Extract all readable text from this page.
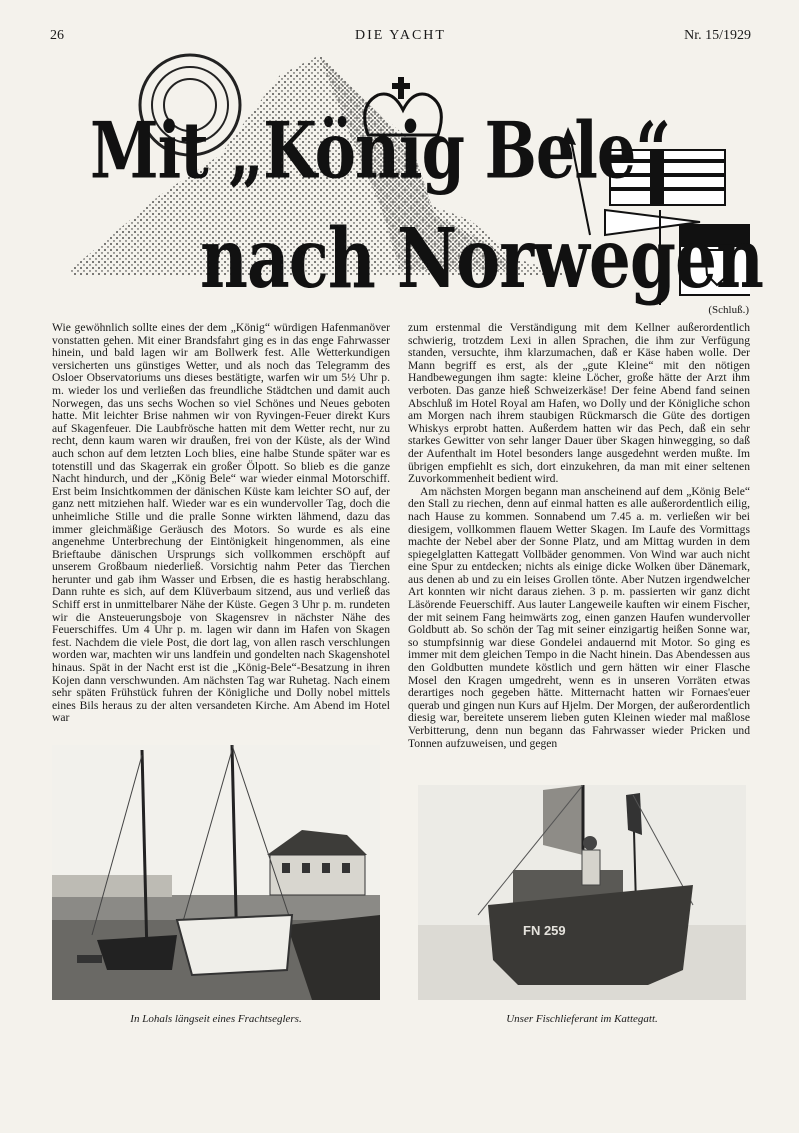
26	DIE YACHT	Nr. 15/1929
Mit „König Bele“
nach Norwegen
(Schluß.)

Wie gewöhnlich sollte eines der dem „König“ würdigen Hafenmanöver vonstatten gehen. Mit einer Brandsfahrt ging es in das enge Fahrwasser hinein, und bald lagen wir am Bollwerk fest. Alle Wetterkundigen versicherten uns günstiges Wetter, und als noch das Telegramm des Osloer Observatoriums uns dieses bestätigte, warfen wir um 5½ Uhr p. m. wieder los und verließen das freundliche Städtchen und damit auch Norwegen, das uns sechs Wochen so viel Schönes und Neues geboten hatte. Mit leichter Brise nahmen wir von Ryvingen-Feuer direkt Kurs auf Skagenfeuer. Die Laubfrösche hatten mit dem Wetter recht, nur zu recht, denn kaum waren wir draußen, frei von der Küste, als der Wind auch schon auf dem letzten Loch blies, eine halbe Stunde später war es totenstill und das Skagerrak ein großer Ölpott. So blieb es die ganze Nacht hindurch, und der „König Bele“ war wieder einmal Motorschiff. Erst beim Insichtkommen der dänischen Küste kam leichter SO auf, der ganz nett mitziehen half. Wieder war es ein wundervoller Tag, doch die unheimliche Stille und die pralle Sonne wirkten lähmend, dazu das immer gleichmäßige Geräusch des Motors. So wurde es als eine angenehme Unterbrechung der Eintönigkeit hingenommen, als eine Brieftaube dänischen Ursprungs sich vollkommen erschöpft auf unserem Großbaum niederließ. Vorsichtig nahm Peter das Tierchen herunter und gab ihm Wasser und Erbsen, die es hastig herabschlang. Dann ruhte es sich, auf dem Klüverbaum sitzend, aus und verließ das Schiff erst in unmittelbarer Nähe der Küste. Gegen 3 Uhr p. m. rundeten wir die Ansteuerungsboje von Skagensrev in nächster Nähe des Feuerschiffes. Um 4 Uhr p. m. lagen wir dann im Hafen von Skagen fest. Nachdem die viele Post, die dort lag, von allen rasch verschlungen worden war, machten wir uns landfein und gondelten nach Skagenshotel hinaus. Spät in der Nacht erst ist die „König-Bele“-Besatzung in ihren Kojen dann verschwunden. Am nächsten Tag war Ruhetag. Nach einem sehr späten Frühstück fuhren der Königliche und Dolly nobel mittels eines Bils heraus zu der alten versandeten Kirche. Am Abend im Hotel war

zum erstenmal die Verständigung mit dem Kellner außerordentlich schwierig, trotzdem Lexi in allen Sprachen, die ihm zur Verfügung standen, versuchte, ihm klarzumachen, daß er Käse haben wolle. Der Mann begriff es erst, als der „gute Kleine“ mit den nötigen Handbewegungen ihm sagte: kleine Löcher, große hätte der Arzt ihm verboten. Das ganze hieß Schweizerkäse! Der feine Abend fand seinen Abschluß im Hotel Royal am Hafen, wo Dolly und der Königliche schon am Morgen nach ihrem staubigen Rückmarsch die Güte des dortigen Whiskys erprobt hatten. Außerdem hatten wir das Pech, daß ein sehr starkes Gewitter von sehr langer Dauer über Skagen hinwegging, so daß der Aufenthalt im Hotel besonders lange ausgedehnt werden mußte. Im übrigen empfiehlt es sich, dort einzukehren, da man mit einer seltenen Zuvorkommenheit bedient wird.

Am nächsten Morgen begann man anscheinend auf dem „König Bele“ den Stall zu riechen, denn auf einmal hatten es alle außerordentlich eilig, nach Hause zu kommen. Sonnabend um 7.45 a. m. verließen wir bei diesigem, vollkommen flauem Wetter Skagen. Im Laufe des Vormittags machte der Nebel aber der Sonne Platz, und am Mittag wurden in dem spiegelglatten Kattegatt Vollbäder genommen. Von Wind war auch nicht eine Spur zu entdecken; nichts als einige dicke Wolken über Dänemark, aus denen ab und zu ein leises Grollen tönte. Aber Nutzen irgendwelcher Art konnten wir nicht daraus ziehen. 3 p. m. passierten wir ganz dicht Läsörende Feuerschiff. Aus lauter Langeweile kauften wir einem Fischer, der mit seinem Fang heimwärts zog, einen ganzen Haufen wundervoller Goldbutt ab. So schön der Tag mit seiner einzigartig heißen Sonne war, so stumpfsinnig war diese Gondelei andauernd mit Motor. So ging es immer mit dem gleichen Tempo in die Nacht hinein. Das Abendessen aus den Goldbutten mundete köstlich und gern hätten wir einer Flasche Mosel den Kragen umgedreht, wenn es in unseren Vorräten etwas derartiges noch gegeben hätte. Mitternacht hatten wir Fornaes'euer querab und gingen nun Kurs auf Hjelm. Der Morgen, der außerordentlich diesig war, bereitete unserem lieben guten Kleinen wieder mal maßlose Verbitterung, denn nun begann das Fahrwasser wieder Pricken und Tonnen aufzuweisen, und gegen

In Lohals längseit eines Frachtseglers.
FN 259
Unser Fischlieferant im Kattegatt.
